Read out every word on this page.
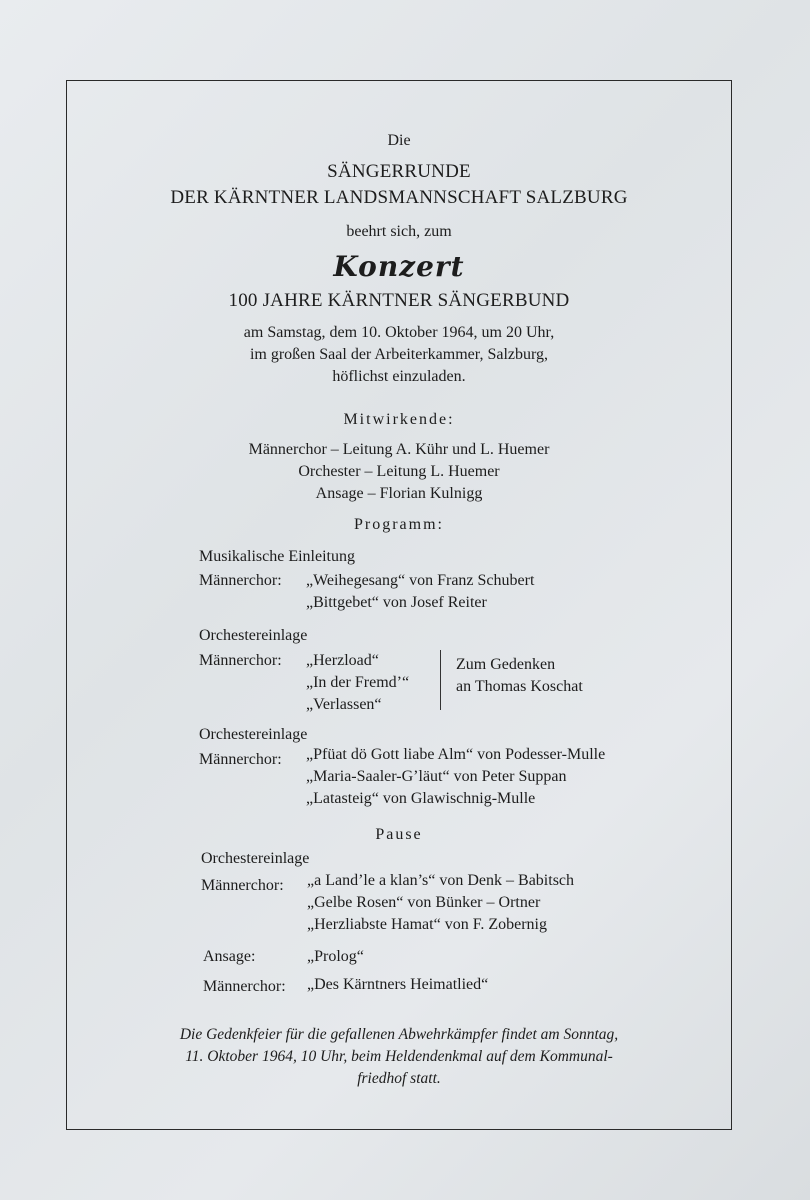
Die
SÄNGERRUNDE
DER KÄRNTNER LANDSMANNSCHAFT SALZBURG
beehrt sich, zum
Konzert
100 JAHRE KÄRNTNER SÄNGERBUND
am Samstag, dem 10. Oktober 1964, um 20 Uhr,
im großen Saal der Arbeiterkammer, Salzburg,
höflichst einzuladen.
Mitwirkende:
Männerchor – Leitung A. Kühr und L. Huemer
Orchester – Leitung L. Huemer
Ansage – Florian Kulnigg
Programm:
Musikalische Einleitung
Männerchor: „Weihegesang“ von Franz Schubert
„Bittgebet“ von Josef Reiter
Orchestereinlage
Männerchor: „Herzload“
„In der Fremd’“
„Verlassen“
Zum Gedenken
an Thomas Koschat
Orchestereinlage
Männerchor: „Pfüat dö Gott liabe Alm“ von Podesser-Mulle
„Maria-Saaler-G’läut“ von Peter Suppan
„Latasteig“ von Glawischnig-Mulle
Pause
Orchestereinlage
Männerchor: „a Land’le a klan’s“ von Denk – Babitsch
„Gelbe Rosen“ von Bünker – Ortner
„Herzliabste Hamat“ von F. Zobernig
Ansage:	„Prolog“
Männerchor: „Des Kärntners Heimatlied“
Die Gedenkfeier für die gefallenen Abwehrkämpfer findet am Sonntag,
11. Oktober 1964, 10 Uhr, beim Heldendenkmal auf dem Kommunal-
friedhof statt.
